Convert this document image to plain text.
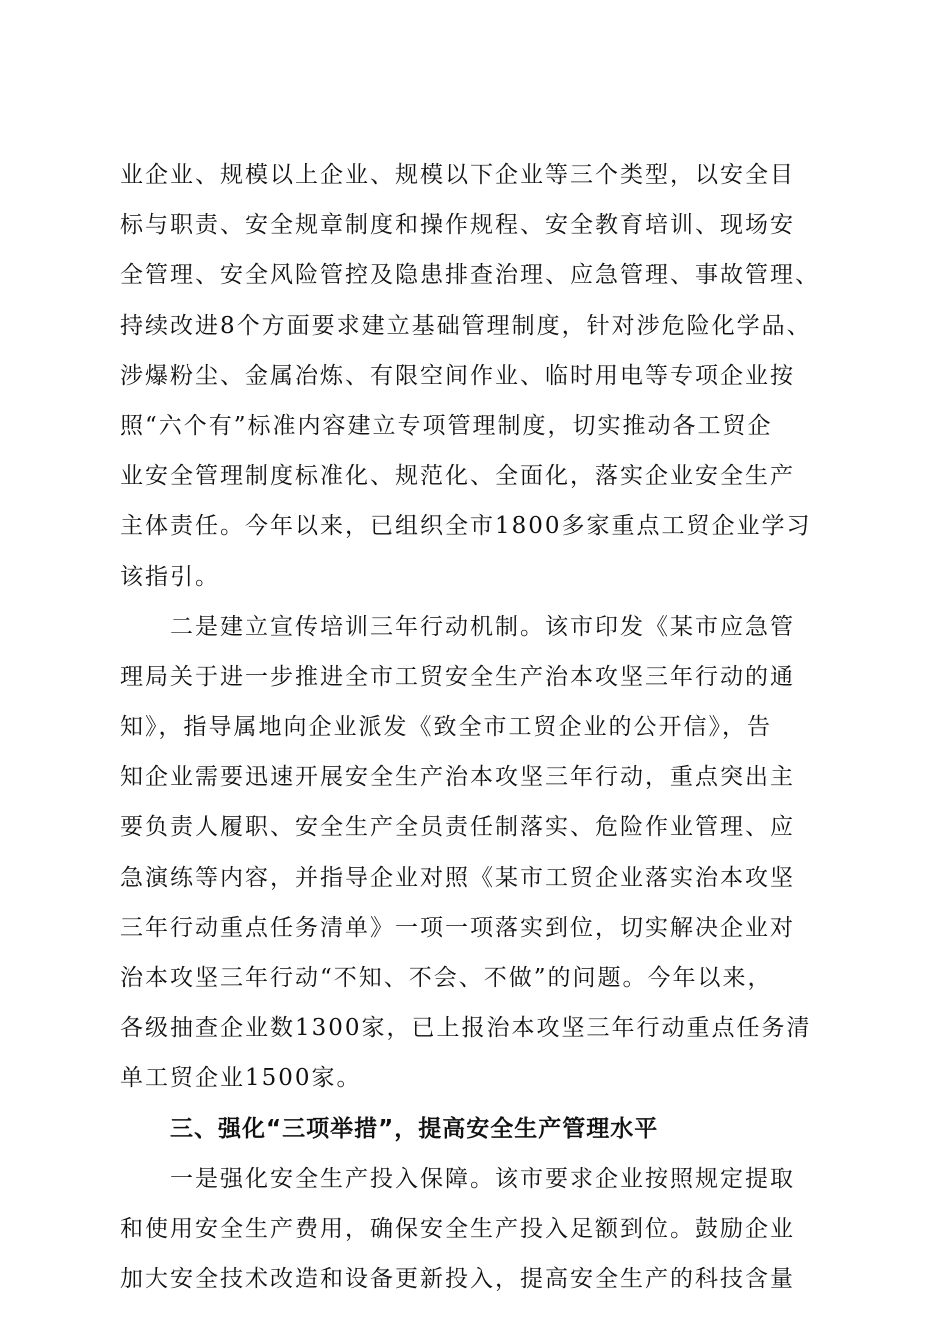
业企业、规模以上企业、规模以下企业等三个类型，以安全目
标与职责、安全规章制度和操作规程、安全教育培训、现场安
全管理、安全风险管控及隐患排查治理、应急管理、事故管理、
持续改进8个方面要求建立基础管理制度，针对涉危险化学品、
涉爆粉尘、金属冶炼、有限空间作业、临时用电等专项企业按
照“六个有”标准内容建立专项管理制度，切实推动各工贸企
业安全管理制度标准化、规范化、全面化，落实企业安全生产
主体责任。今年以来，已组织全市1800多家重点工贸企业学习
该指引。
二是建立宣传培训三年行动机制。该市印发《某市应急管
理局关于进一步推进全市工贸安全生产治本攻坚三年行动的通
知》，指导属地向企业派发《致全市工贸企业的公开信》，告
知企业需要迅速开展安全生产治本攻坚三年行动，重点突出主
要负责人履职、安全生产全员责任制落实、危险作业管理、应
急演练等内容，并指导企业对照《某市工贸企业落实治本攻坚
三年行动重点任务清单》一项一项落实到位，切实解决企业对
治本攻坚三年行动“不知、不会、不做”的问题。今年以来，
各级抽查企业数1300家，已上报治本攻坚三年行动重点任务清
单工贸企业1500家。
三、强化“三项举措”，提高安全生产管理水平
一是强化安全生产投入保障。该市要求企业按照规定提取
和使用安全生产费用，确保安全生产投入足额到位。鼓励企业
加大安全技术改造和设备更新投入，提高安全生产的科技含量
